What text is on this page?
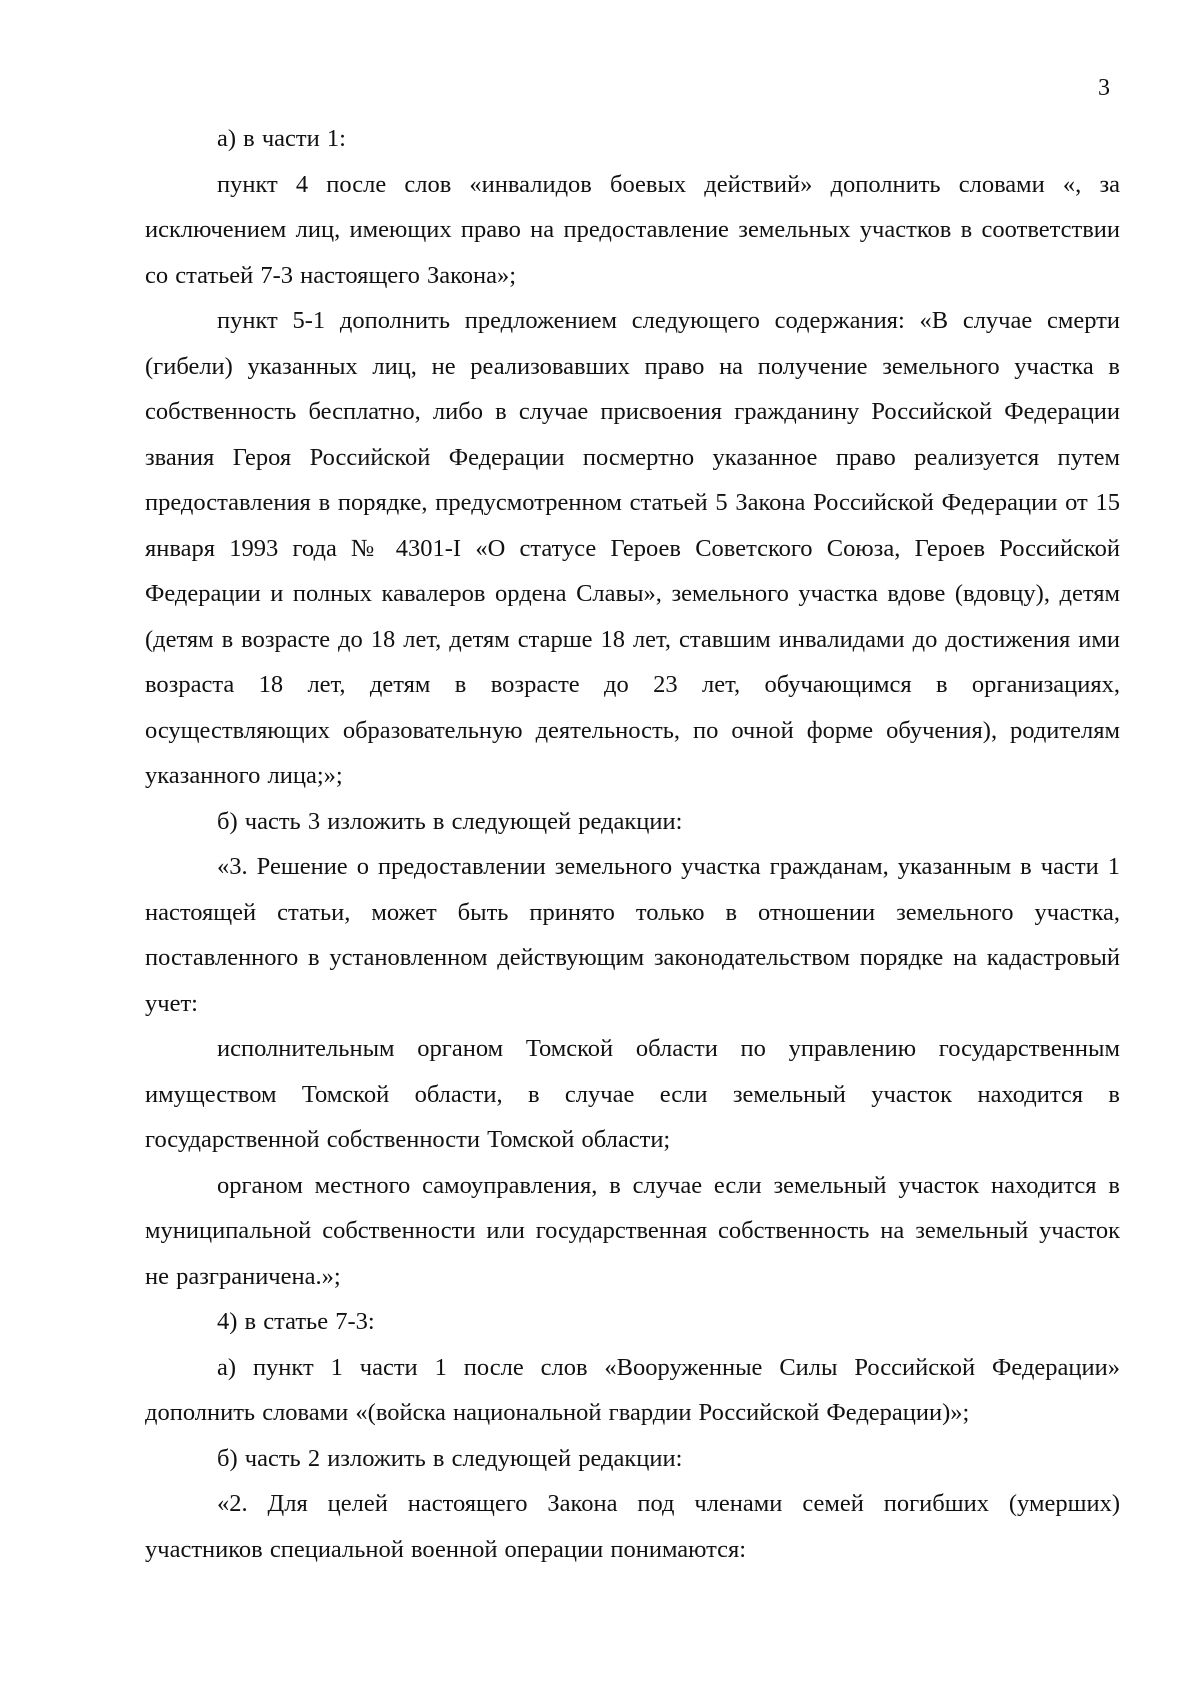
3

а) в части 1:

пункт 4 после слов «инвалидов боевых действий» дополнить словами «, за исключением лиц, имеющих право на предоставление земельных участков в соответствии со статьей 7-3 настоящего Закона»;

пункт 5-1 дополнить предложением следующего содержания: «В случае смерти (гибели) указанных лиц, не реализовавших право на получение земельного участка в собственность бесплатно, либо в случае присвоения гражданину Российской Федерации звания Героя Российской Федерации посмертно указанное право реализуется путем предоставления в порядке, предусмотренном статьей 5 Закона Российской Федерации от 15 января 1993 года № 4301-I «О статусе Героев Советского Союза, Героев Российской Федерации и полных кавалеров ордена Славы», земельного участка вдове (вдовцу), детям (детям в возрасте до 18 лет, детям старше 18 лет, ставшим инвалидами до достижения ими возраста 18 лет, детям в возрасте до 23 лет, обучающимся в организациях, осуществляющих образовательную деятельность, по очной форме обучения), родителям указанного лица;»;

б) часть 3 изложить в следующей редакции:

«3. Решение о предоставлении земельного участка гражданам, указанным в части 1 настоящей статьи, может быть принято только в отношении земельного участка, поставленного в установленном действующим законодательством порядке на кадастровый учет:

исполнительным органом Томской области по управлению государственным имуществом Томской области, в случае если земельный участок находится в государственной собственности Томской области;

органом местного самоуправления, в случае если земельный участок находится в муниципальной собственности или государственная собственность на земельный участок не разграничена.»;

4) в статье 7-3:

а) пункт 1 части 1 после слов «Вооруженные Силы Российской Федерации» дополнить словами «(войска национальной гвардии Российской Федерации)»;

б) часть 2 изложить в следующей редакции:

«2. Для целей настоящего Закона под членами семей погибших (умерших) участников специальной военной операции понимаются:
